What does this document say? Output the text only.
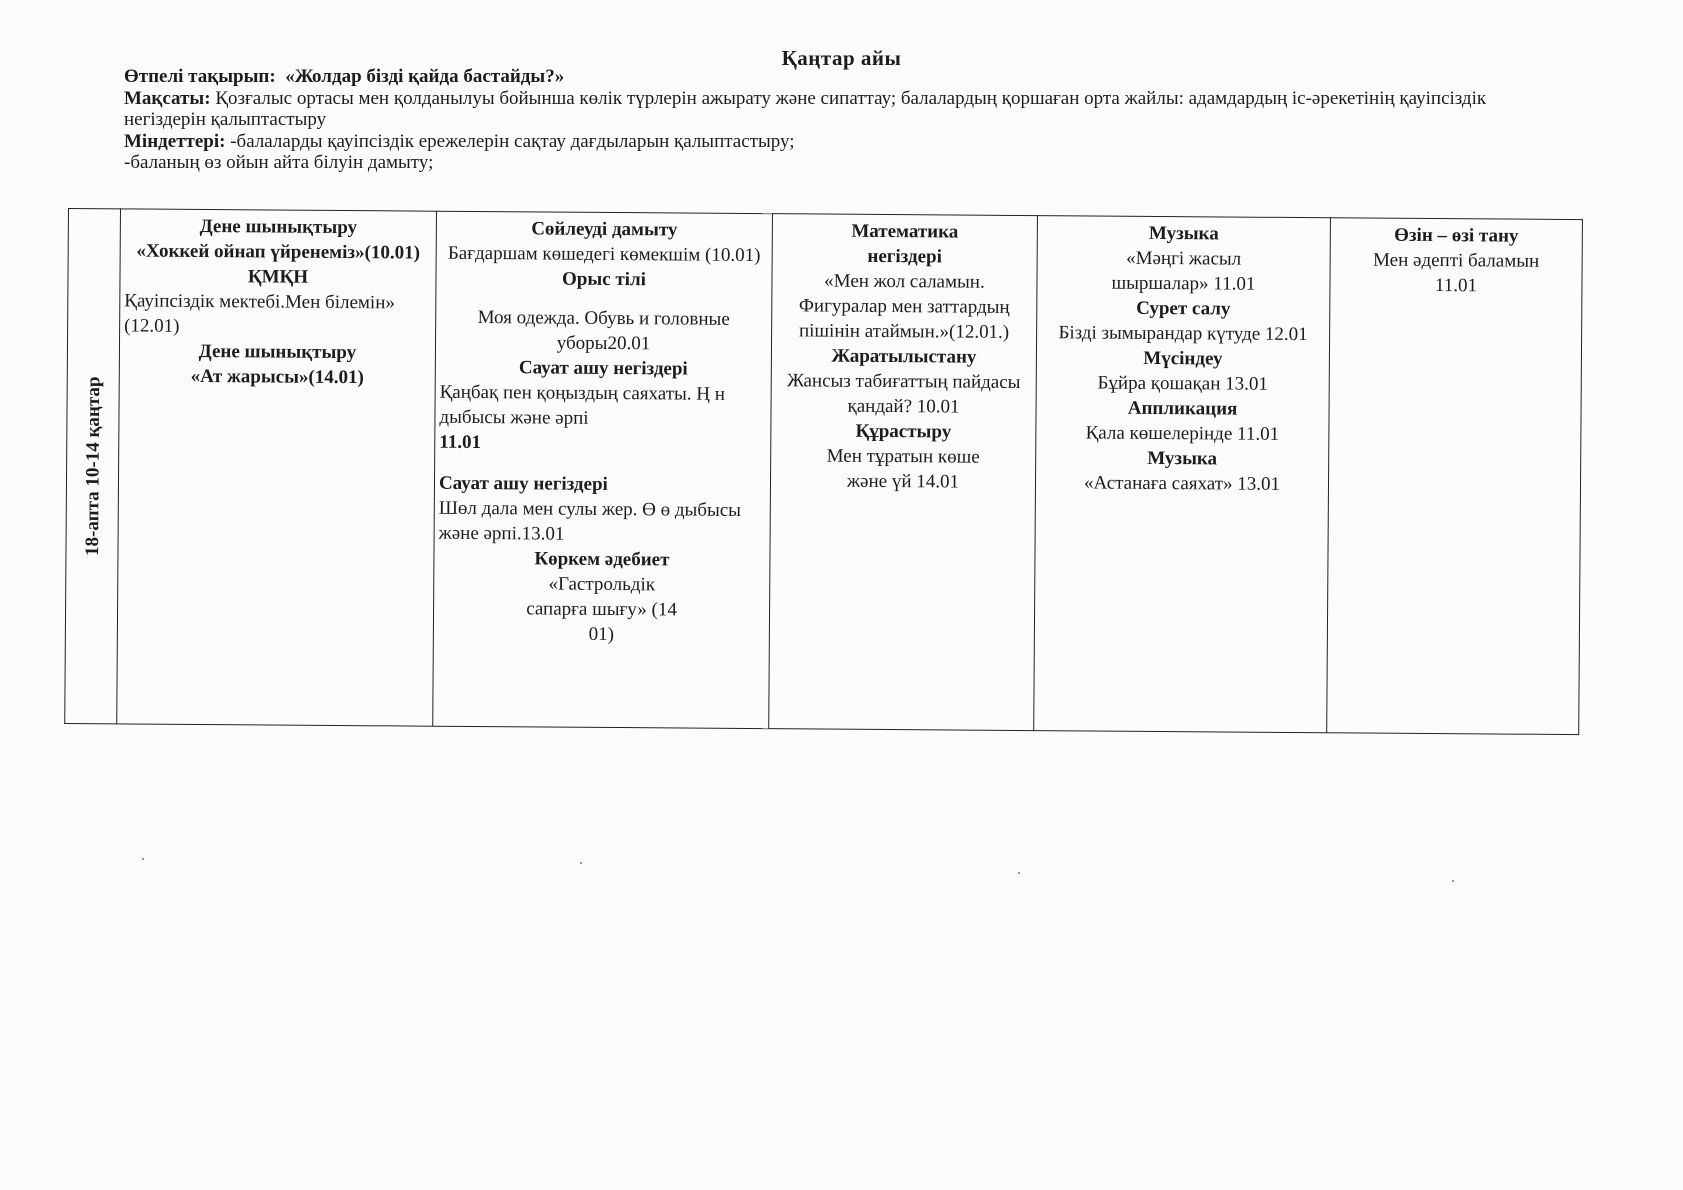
Қаңтар айы

Өтпелі тақырып: «Жолдар бізді қайда бастайды?»

Мақсаты: Қозғалыс ортасы мен қолданылуы бойынша көлік түрлерін ажырату және сипаттау; балалардың қоршаған орта жайлы: адамдардың іс-әрекетінің қауіпсіздік негіздерін қалыптастыру

Міндеттері: -балаларды қауіпсіздік ережелерін сақтау дағдыларын қалыптастыру;

-баланың өз ойын айта білуін дамыту;

18-апта 10-14 қаңтар

Дене шынықтыру
«Хоккей ойнап үйренеміз»(10.01)
ҚМҚН
Қауіпсіздік мектебі.Мен білемін» (12.01)
Дене шынықтыру
«Ат жарысы»(14.01)

Сөйлеуді дамыту
Бағдаршам көшедегі көмекшім (10.01)
Орыс тілі
Моя одежда. Обувь и головные уборы20.01
Сауат ашу негіздері
Қаңбақ пен қоңыздың саяхаты. Ң н дыбысы және әрпі
11.01
Сауат ашу негіздері
Шөл дала мен сулы жер. Ө ө дыбысы және әрпі.13.01
Көркем әдебиет
«Гастрольдік сапарға шығу» (14 01)

Математика негіздері
«Мен жол саламын. Фигуралар мен заттардың пішінін атаймын.»(12.01.)
Жаратылыстану
Жансыз табиғаттың пайдасы қандай? 10.01
Құрастыру
Мен тұратын көше және үй 14.01

Музыка
«Мәңгі жасыл шыршалар» 11.01
Сурет салу
Бізді зымырандар күтуде 12.01
Мүсіндеу
Бұйра қошақан 13.01
Аппликация
Қала көшелерінде 11.01
Музыка
«Астанаға саяхат» 13.01

Өзін – өзі тану
Мен әдепті баламын 11.01
